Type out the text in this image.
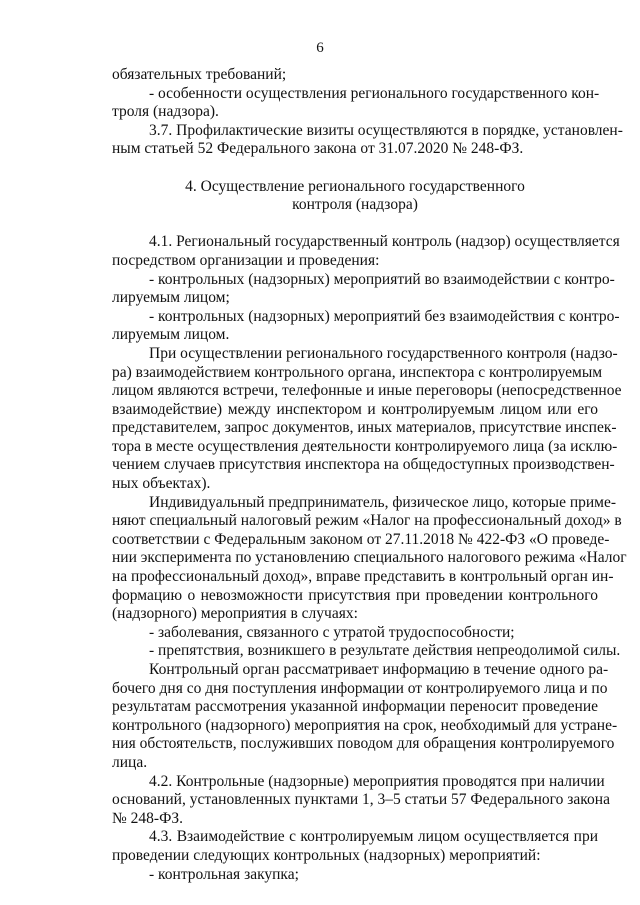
6
обязательных требований;
- особенности осуществления регионального государственного кон-
троля (надзора).
3.7. Профилактические визиты осуществляются в порядке, установлен-
ным статьей 52 Федерального закона от 31.07.2020 № 248-ФЗ.
4. Осуществление регионального государственного
контроля (надзора)
4.1. Региональный государственный контроль (надзор) осуществляется
посредством организации и проведения:
- контрольных (надзорных) мероприятий во взаимодействии с контро-
лируемым лицом;
- контрольных (надзорных) мероприятий без взаимодействия с контро-
лируемым лицом.
При осуществлении регионального государственного контроля (надзо-
ра) взаимодействием контрольного органа, инспектора с контролируемым
лицом являются встречи, телефонные и иные переговоры (непосредственное
взаимодействие) между инспектором и контролируемым лицом или его
представителем, запрос документов, иных материалов, присутствие инспек-
тора в месте осуществления деятельности контролируемого лица (за исклю-
чением случаев присутствия инспектора на общедоступных производствен-
ных объектах).
Индивидуальный предприниматель, физическое лицо, которые приме-
няют специальный налоговый режим «Налог на профессиональный доход» в
соответствии с Федеральным законом от 27.11.2018 № 422-ФЗ «О проведе-
нии эксперимента по установлению специального налогового режима «Налог
на профессиональный доход», вправе представить в контрольный орган ин-
формацию о невозможности присутствия при проведении контрольного
(надзорного) мероприятия в случаях:
- заболевания, связанного с утратой трудоспособности;
- препятствия, возникшего в результате действия непреодолимой силы.
Контрольный орган рассматривает информацию в течение одного ра-
бочего дня со дня поступления информации от контролируемого лица и по
результатам рассмотрения указанной информации переносит проведение
контрольного (надзорного) мероприятия на срок, необходимый для устране-
ния обстоятельств, послуживших поводом для обращения контролируемого
лица.
4.2. Контрольные (надзорные) мероприятия проводятся при наличии
оснований, установленных пунктами 1, 3–5 статьи 57 Федерального закона
№ 248-ФЗ.
4.3. Взаимодействие с контролируемым лицом осуществляется при
проведении следующих контрольных (надзорных) мероприятий:
- контрольная закупка;
